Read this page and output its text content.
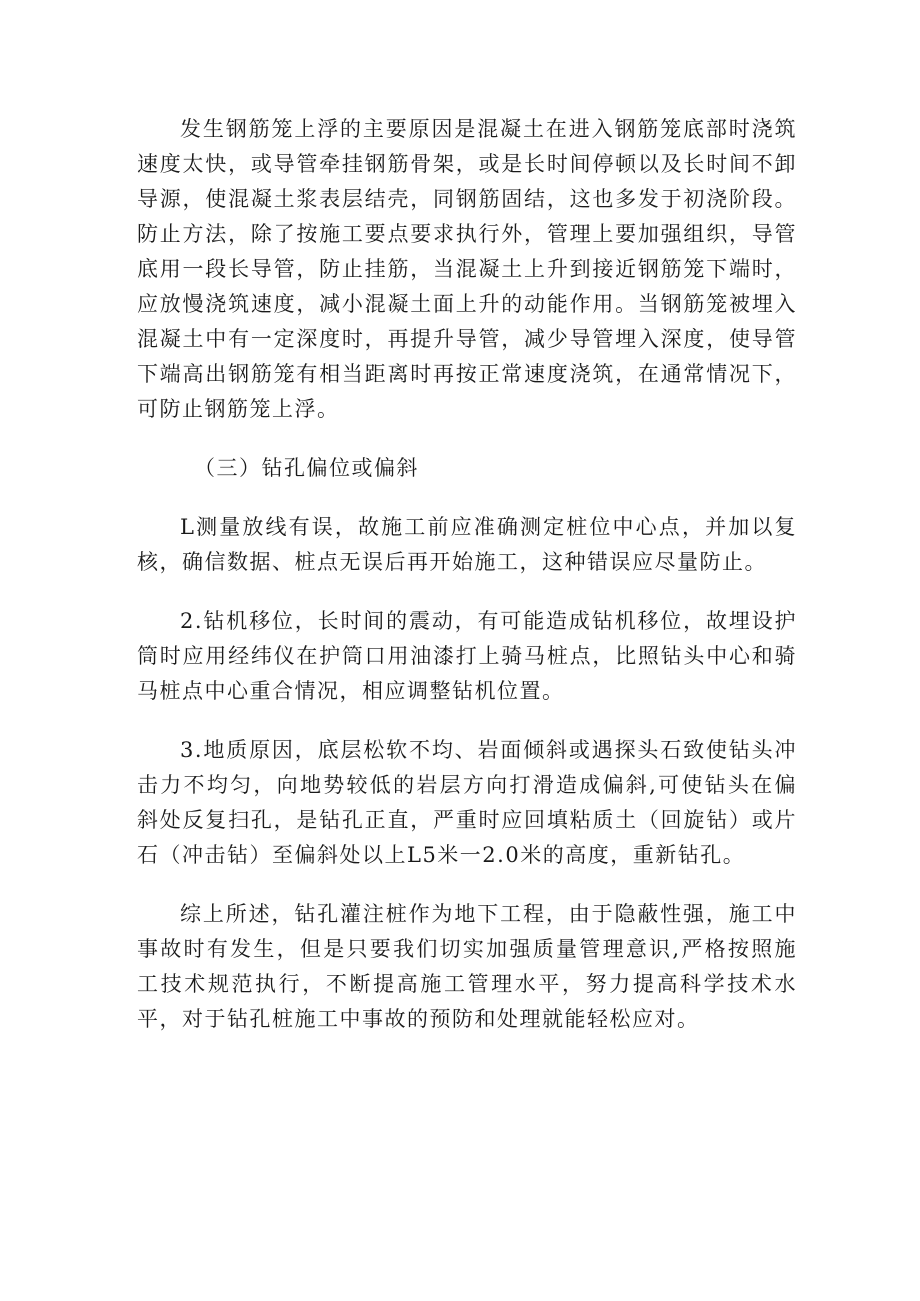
发生钢筋笼上浮的主要原因是混凝土在进入钢筋笼底部时浇筑速度太快，或导管牵挂钢筋骨架，或是长时间停顿以及长时间不卸导源，使混凝土浆表层结壳，同钢筋固结，这也多发于初浇阶段。防止方法，除了按施工要点要求执行外，管理上要加强组织，导管底用一段长导管，防止挂筋，当混凝土上升到接近钢筋笼下端时，应放慢浇筑速度，减小混凝土面上升的动能作用。当钢筋笼被埋入混凝土中有一定深度时，再提升导管，减少导管埋入深度，使导管下端高出钢筋笼有相当距离时再按正常速度浇筑，在通常情况下，可防止钢筋笼上浮。

（三）钻孔偏位或偏斜

L测量放线有误，故施工前应准确测定桩位中心点，并加以复核，确信数据、桩点无误后再开始施工，这种错误应尽量防止。

2.钻机移位，长时间的震动，有可能造成钻机移位，故埋设护筒时应用经纬仪在护筒口用油漆打上骑马桩点，比照钻头中心和骑马桩点中心重合情况，相应调整钻机位置。

3.地质原因，底层松软不均、岩面倾斜或遇探头石致使钻头冲击力不均匀，向地势较低的岩层方向打滑造成偏斜,可使钻头在偏斜处反复扫孔，是钻孔正直，严重时应回填粘质土（回旋钻）或片石（冲击钻）至偏斜处以上L5米一2.0米的高度，重新钻孔。

综上所述，钻孔灌注桩作为地下工程，由于隐蔽性强，施工中事故时有发生，但是只要我们切实加强质量管理意识,严格按照施工技术规范执行，不断提高施工管理水平，努力提高科学技术水平，对于钻孔桩施工中事故的预防和处理就能轻松应对。
